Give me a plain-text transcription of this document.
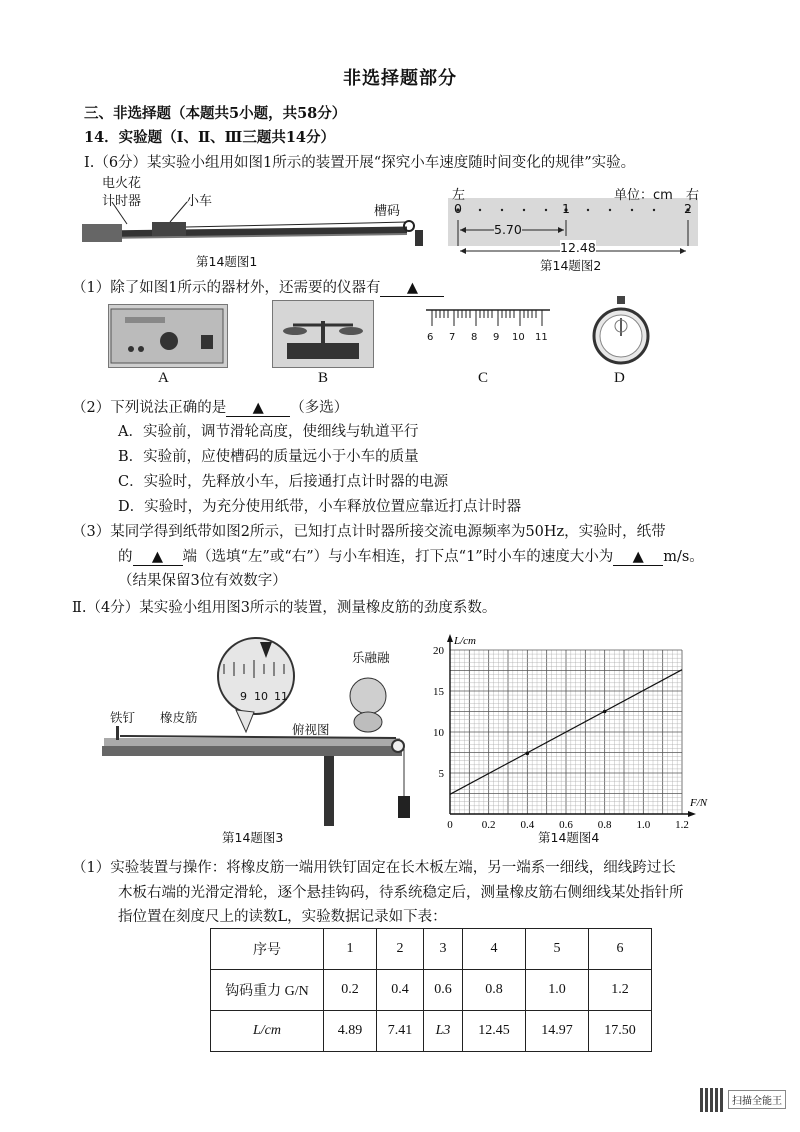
非选择题部分
三、非选择题（本题共5小题，共58分）
14．实验题（Ⅰ、Ⅱ、Ⅲ三题共14分）
Ⅰ.（6分）某实验小组用如图1所示的装置开展“探究小车速度随时间变化的规律”实验。
电火花
计时器	小车
槽码
第14题图1
左	单位：cm 右
0	1	2
5.70
12.48
第14题图2
（1）除了如图1所示的器材外，还需要的仪器有 ▲
6 7 8 9 10 11
A	B	C	D
（2）下列说法正确的是 ▲ （多选）
A．实验前，调节滑轮高度，使细线与轨道平行
B．实验前，应使槽码的质量远小于小车的质量
C．实验时，先释放小车，后接通打点计时器的电源
D．实验时，为充分使用纸带，小车释放位置应靠近打点计时器
（3）某同学得到纸带如图2所示，已知打点计时器所接交流电源频率为50Hz，实验时，纸带
的 ▲ 端（选填“左”或“右”）与小车相连，打下点“1”时小车的速度大小为 ▲ m/s。
（结果保留3位有效数字）
Ⅱ.（4分）某实验小组用图3所示的装置，测量橡皮筋的劲度系数。
铁钉 橡皮筋
俯视图
乐融融
9 10 11
第14题图3
0	0.2 0.4 0.6 0.8 1.0 1.2
5
10
15
20
F/N
L/cm
第14题图4
（1）实验装置与操作：将橡皮筋一端用铁钉固定在长木板左端，另一端系一细线，细线跨过长
木板右端的光滑定滑轮，逐个悬挂钩码，待系统稳定后，测量橡皮筋右侧细线某处指针所
指位置在刻度尺上的读数L，实验数据记录如下表：
序号	1	2	3	4	5	6
钩码重力 G/N	0.2	0.4	0.6	0.8	1.0	1.2
L/cm	4.89	7.41	L3	12.45	14.97	17.50
扫描全能王
